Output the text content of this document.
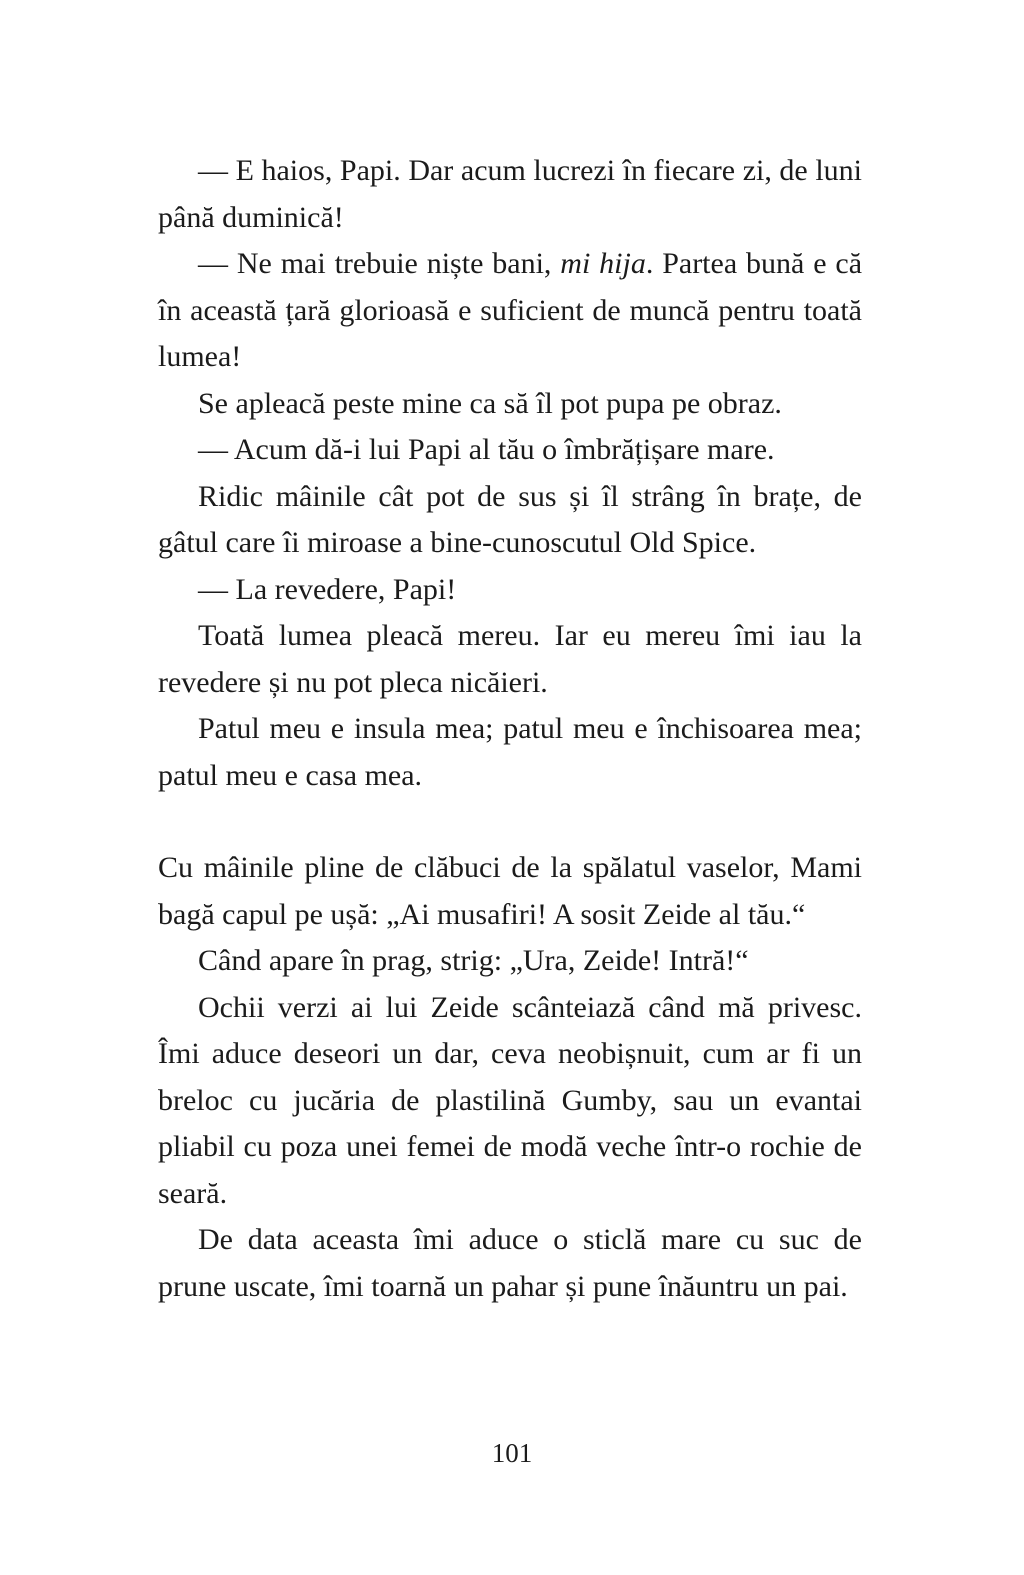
— E haios, Papi. Dar acum lucrezi în fiecare zi, de luni până duminică!

— Ne mai trebuie niște bani, mi hija. Partea bună e că în această țară glorioasă e suficient de muncă pentru toată lumea!

Se apleacă peste mine ca să îl pot pupa pe obraz.

— Acum dă-i lui Papi al tău o îmbrățișare mare.

Ridic mâinile cât pot de sus și îl strâng în brațe, de gâtul care îi miroase a bine-cunoscutul Old Spice.

— La revedere, Papi!

Toată lumea pleacă mereu. Iar eu mereu îmi iau la revedere și nu pot pleca nicăieri.

Patul meu e insula mea; patul meu e închisoarea mea; patul meu e casa mea.

Cu mâinile pline de clăbuci de la spălatul vaselor, Mami bagă capul pe ușă: „Ai musafiri! A sosit Zeide al tău.“

Când apare în prag, strig: „Ura, Zeide! Intră!“

Ochii verzi ai lui Zeide scânteiază când mă privesc. Îmi aduce deseori un dar, ceva neobișnuit, cum ar fi un breloc cu jucăria de plastilină Gumby, sau un evantai pliabil cu poza unei femei de modă veche într-o rochie de seară.

De data aceasta îmi aduce o sticlă mare cu suc de prune uscate, îmi toarnă un pahar și pune înăuntru un pai.

101
